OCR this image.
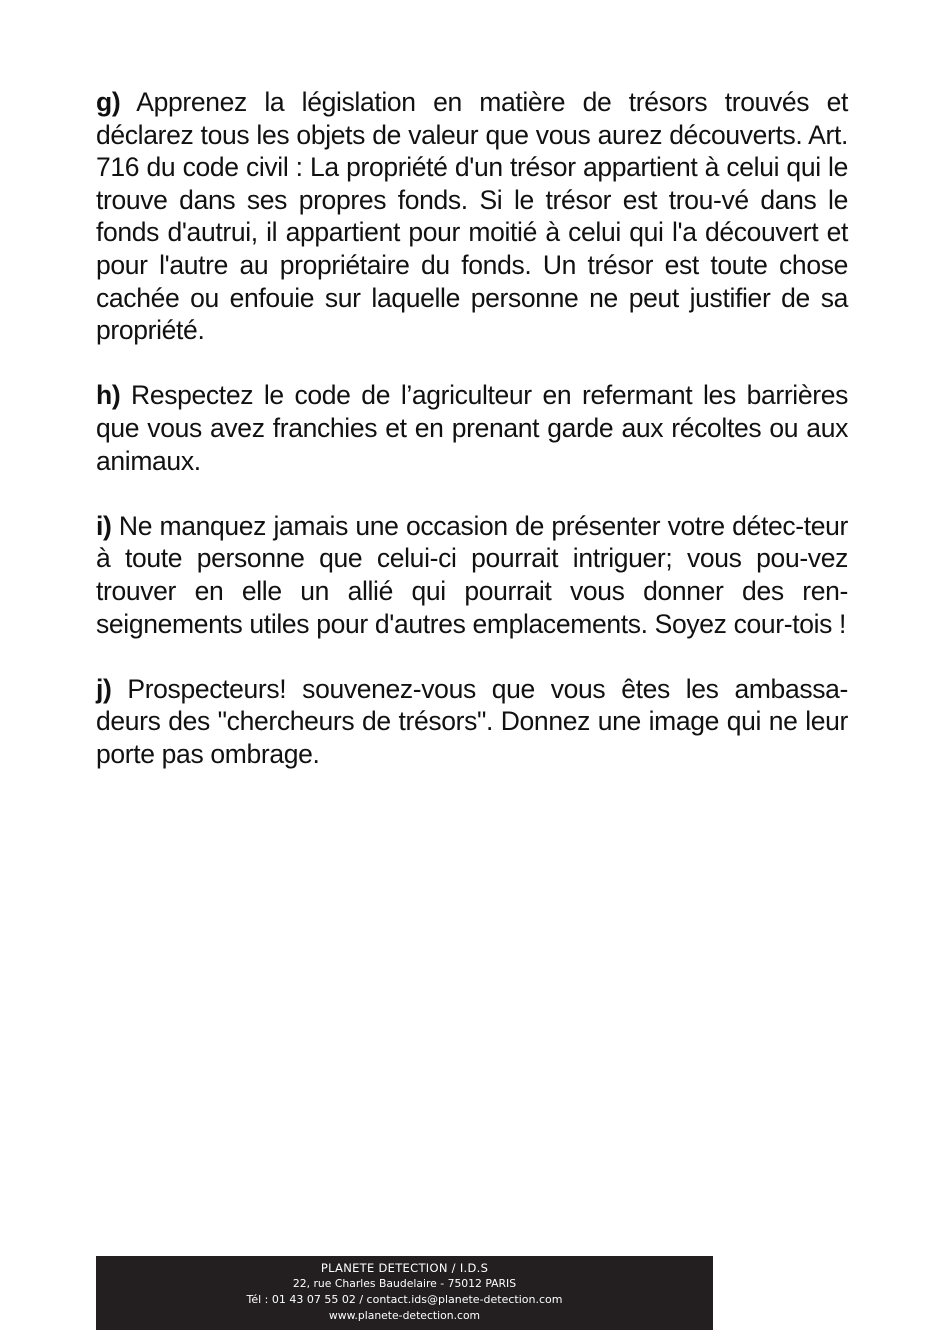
g) Apprenez la législation en matière de trésors trouvés et déclarez tous les objets de valeur que vous aurez découverts. Art. 716 du code civil : La propriété d'un trésor appartient à celui qui le trouve dans ses propres fonds. Si le trésor est trou-vé dans le fonds d'autrui, il appartient pour moitié à celui qui l'a découvert et pour l'autre au propriétaire du fonds. Un trésor est toute chose cachée ou enfouie sur laquelle personne ne peut justifier de sa propriété.

h) Respectez le code de l’agriculteur en refermant les barrières que vous avez franchies et en prenant garde aux récoltes ou aux animaux.

i) Ne manquez jamais une occasion de présenter votre détec-teur à toute personne que celui-ci pourrait intriguer; vous pou-vez trouver en elle un allié qui pourrait vous donner des ren-seignements utiles pour d'autres emplacements. Soyez cour-tois !

j) Prospecteurs! souvenez-vous que vous êtes les ambassa-deurs des "chercheurs de trésors". Donnez une image qui ne leur porte pas ombrage.

PLANETE DETECTION / I.D.S
22, rue Charles Baudelaire - 75012 PARIS
Tél : 01 43 07 55 02 / contact.ids@planete-detection.com
www.planete-detection.com
